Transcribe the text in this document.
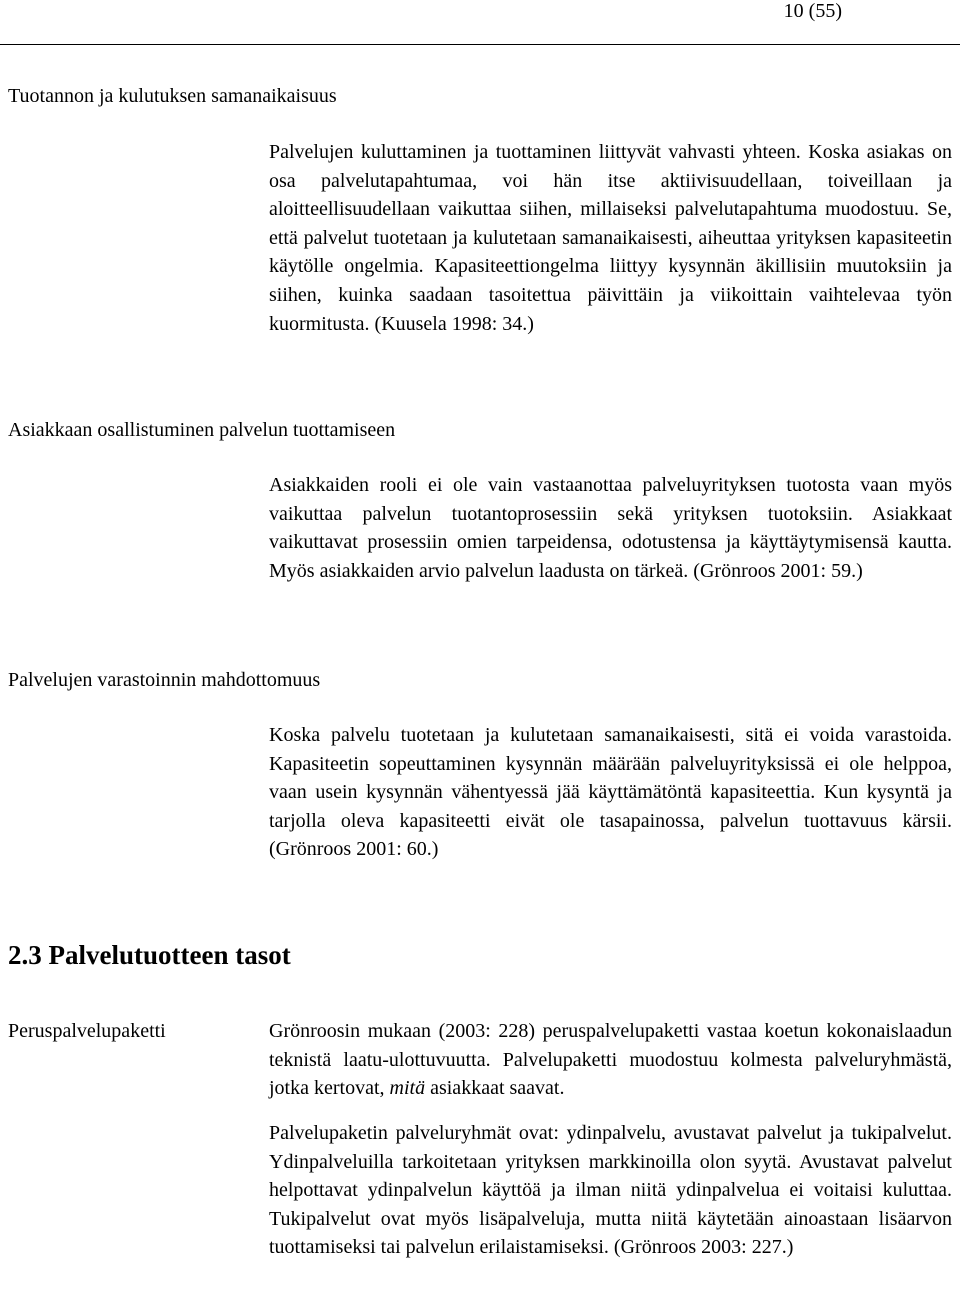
10 (55)
Tuotannon ja kulutuksen samanaikaisuus

Palvelujen kuluttaminen ja tuottaminen liittyvät vahvasti yhteen. Koska asiakas on osa palvelutapahtumaa, voi hän itse aktiivisuudellaan, toiveillaan ja aloitteellisuudellaan vaikuttaa siihen, millaiseksi palvelutapahtuma muodostuu. Se, että palvelut tuotetaan ja kulutetaan samanaikaisesti, aiheuttaa yrityksen kapasiteetin käytölle ongelmia. Kapasiteettiongelma liittyy kysynnän äkillisiin muutoksiin ja siihen, kuinka saadaan tasoitettua päivittäin ja viikoittain vaihtelevaa työn kuormitusta. (Kuusela 1998: 34.)

Asiakkaan osallistuminen palvelun tuottamiseen

Asiakkaiden rooli ei ole vain vastaanottaa palveluyrityksen tuotosta vaan myös vaikuttaa palvelun tuotantoprosessiin sekä yrityksen tuotoksiin. Asiakkaat vaikuttavat prosessiin omien tarpeidensa, odotustensa ja käyttäytymisensä kautta. Myös asiakkaiden arvio palvelun laadusta on tärkeä. (Grönroos 2001: 59.)

Palvelujen varastoinnin mahdottomuus

Koska palvelu tuotetaan ja kulutetaan samanaikaisesti, sitä ei voida varastoida. Kapasiteetin sopeuttaminen kysynnän määrään palveluyrityksissä ei ole helppoa, vaan usein kysynnän vähentyessä jää käyttämätöntä kapasiteettia. Kun kysyntä ja tarjolla oleva kapasiteetti eivät ole tasapainossa, palvelun tuottavuus kärsii. (Grönroos 2001: 60.)

2.3 Palvelutuotteen tasot
Peruspalvelupaketti	Grönroosin mukaan (2003: 228) peruspalvelupaketti vastaa koetun kokonaislaadun teknistä laatu-ulottuvuutta. Palvelupaketti muodostuu kolmesta palveluryhmästä, jotka kertovat, mitä asiakkaat saavat.

Palvelupaketin palveluryhmät ovat: ydinpalvelu, avustavat palvelut ja tukipalvelut. Ydinpalveluilla tarkoitetaan yrityksen markkinoilla olon syytä. Avustavat palvelut helpottavat ydinpalvelun käyttöä ja ilman niitä ydinpalvelua ei voitaisi kuluttaa. Tukipalvelut ovat myös lisäpalveluja, mutta niitä käytetään ainoastaan lisäarvon tuottamiseksi tai palvelun erilaistamiseksi. (Grönroos 2003: 227.)
